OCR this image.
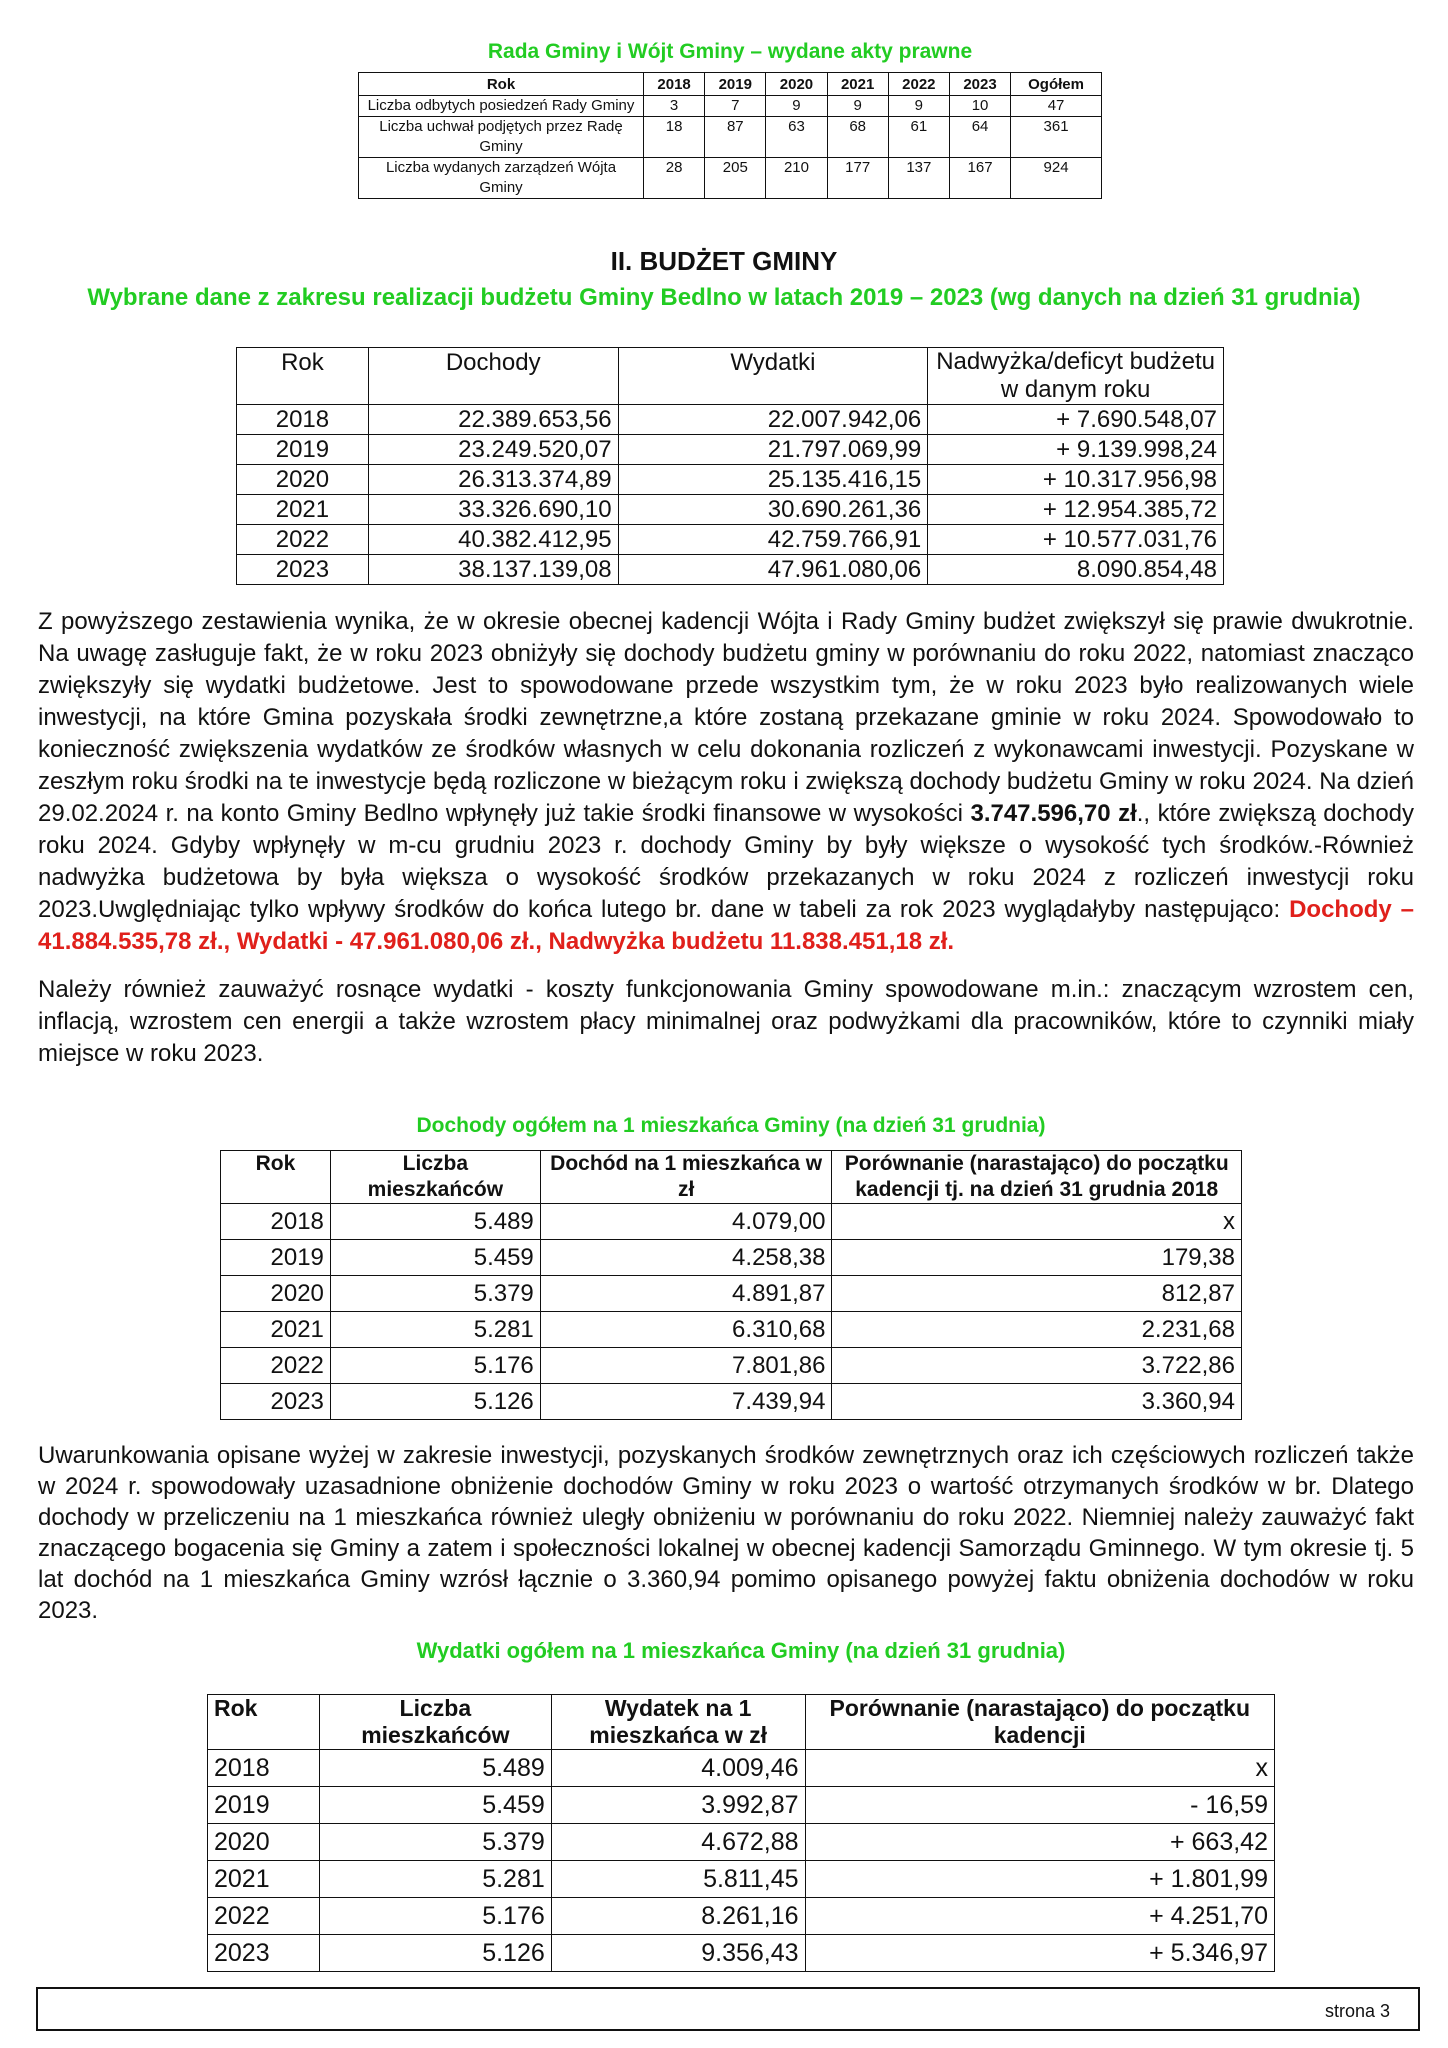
Rada Gminy i Wójt Gminy – wydane akty prawne
Rok	2018	2019	2020	2021	2022	2023	Ogółem
Liczba odbytych posiedzeń Rady Gminy	3	7	9	9	9	10	47
Liczba uchwał podjętych przez Radę Gminy	18	87	63	68	61	64	361
Liczba wydanych zarządzeń Wójta Gminy	28	205	210	177	137	167	924
II. BUDŻET GMINY
Wybrane dane z zakresu realizacji budżetu Gminy Bedlno w latach 2019 – 2023 (wg danych na dzień 31 grudnia)
Rok	Dochody	Wydatki	Nadwyżka/deficyt budżetu w danym roku
2018	22.389.653,56	22.007.942,06	+ 7.690.548,07
2019	23.249.520,07	21.797.069,99	+ 9.139.998,24
2020	26.313.374,89	25.135.416,15	+ 10.317.956,98
2021	33.326.690,10	30.690.261,36	+ 12.954.385,72
2022	40.382.412,95	42.759.766,91	+ 10.577.031,76
2023	38.137.139,08	47.961.080,06	8.090.854,48
Z powyższego zestawienia wynika, że w okresie obecnej kadencji Wójta i Rady Gminy budżet zwiększył się prawie dwukrotnie. Na uwagę zasługuje fakt, że w roku 2023 obniżyły się dochody budżetu gminy w porównaniu do roku 2022, natomiast znacząco zwiększyły się wydatki budżetowe. Jest to spowodowane przede wszystkim tym, że w roku 2023 było realizowanych wiele inwestycji, na które Gmina pozyskała środki zewnętrzne,a które zostaną przekazane gminie w roku 2024. Spowodowało to konieczność zwiększenia wydatków ze środków własnych w celu dokonania rozliczeń z wykonawcami inwestycji. Pozyskane w zeszłym roku środki na te inwestycje będą rozliczone w bieżącym roku i zwiększą dochody budżetu Gminy w roku 2024. Na dzień 29.02.2024 r. na konto Gminy Bedlno wpłynęły już takie środki finansowe w wysokości 3.747.596,70 zł., które zwiększą dochody roku 2024. Gdyby wpłynęły w m-cu grudniu 2023 r. dochody Gminy by były większe o wysokość tych środków.-Również nadwyżka budżetowa by była większa o wysokość środków przekazanych w roku 2024 z rozliczeń inwestycji roku 2023.Uwględniając tylko wpływy środków do końca lutego br. dane w tabeli za rok 2023 wyglądałyby następująco: Dochody – 41.884.535,78 zł., Wydatki - 47.961.080,06 zł., Nadwyżka budżetu 11.838.451,18 zł.
Należy również zauważyć rosnące wydatki - koszty funkcjonowania Gminy spowodowane m.in.: znaczącym wzrostem cen, inflacją, wzrostem cen energii a także wzrostem płacy minimalnej oraz podwyżkami dla pracowników, które to czynniki miały miejsce w roku 2023.
Dochody ogółem na 1 mieszkańca Gminy (na dzień 31 grudnia)
Rok	Liczba mieszkańców	Dochód na 1 mieszkańca w zł	Porównanie (narastająco) do początku kadencji tj. na dzień 31 grudnia 2018
2018	5.489	4.079,00	x
2019	5.459	4.258,38	179,38
2020	5.379	4.891,87	812,87
2021	5.281	6.310,68	2.231,68
2022	5.176	7.801,86	3.722,86
2023	5.126	7.439,94	3.360,94
Uwarunkowania opisane wyżej w zakresie inwestycji, pozyskanych środków zewnętrznych oraz ich częściowych rozliczeń także w 2024 r. spowodowały uzasadnione obniżenie dochodów Gminy w roku 2023 o wartość otrzymanych środków w br. Dlatego dochody w przeliczeniu na 1 mieszkańca również uległy obniżeniu w porównaniu do roku 2022. Niemniej należy zauważyć fakt znaczącego bogacenia się Gminy a zatem i społeczności lokalnej w obecnej kadencji Samorządu Gminnego. W tym okresie tj. 5 lat dochód na 1 mieszkańca Gminy wzrósł łącznie o 3.360,94 pomimo opisanego powyżej faktu obniżenia dochodów w roku 2023.
Wydatki ogółem na 1 mieszkańca Gminy (na dzień 31 grudnia)
Rok	Liczba mieszkańców	Wydatek na 1 mieszkańca w zł	Porównanie (narastająco) do początku kadencji
2018	5.489	4.009,46	x
2019	5.459	3.992,87	- 16,59
2020	5.379	4.672,88	+ 663,42
2021	5.281	5.811,45	+ 1.801,99
2022	5.176	8.261,16	+ 4.251,70
2023	5.126	9.356,43	+ 5.346,97
strona 3
